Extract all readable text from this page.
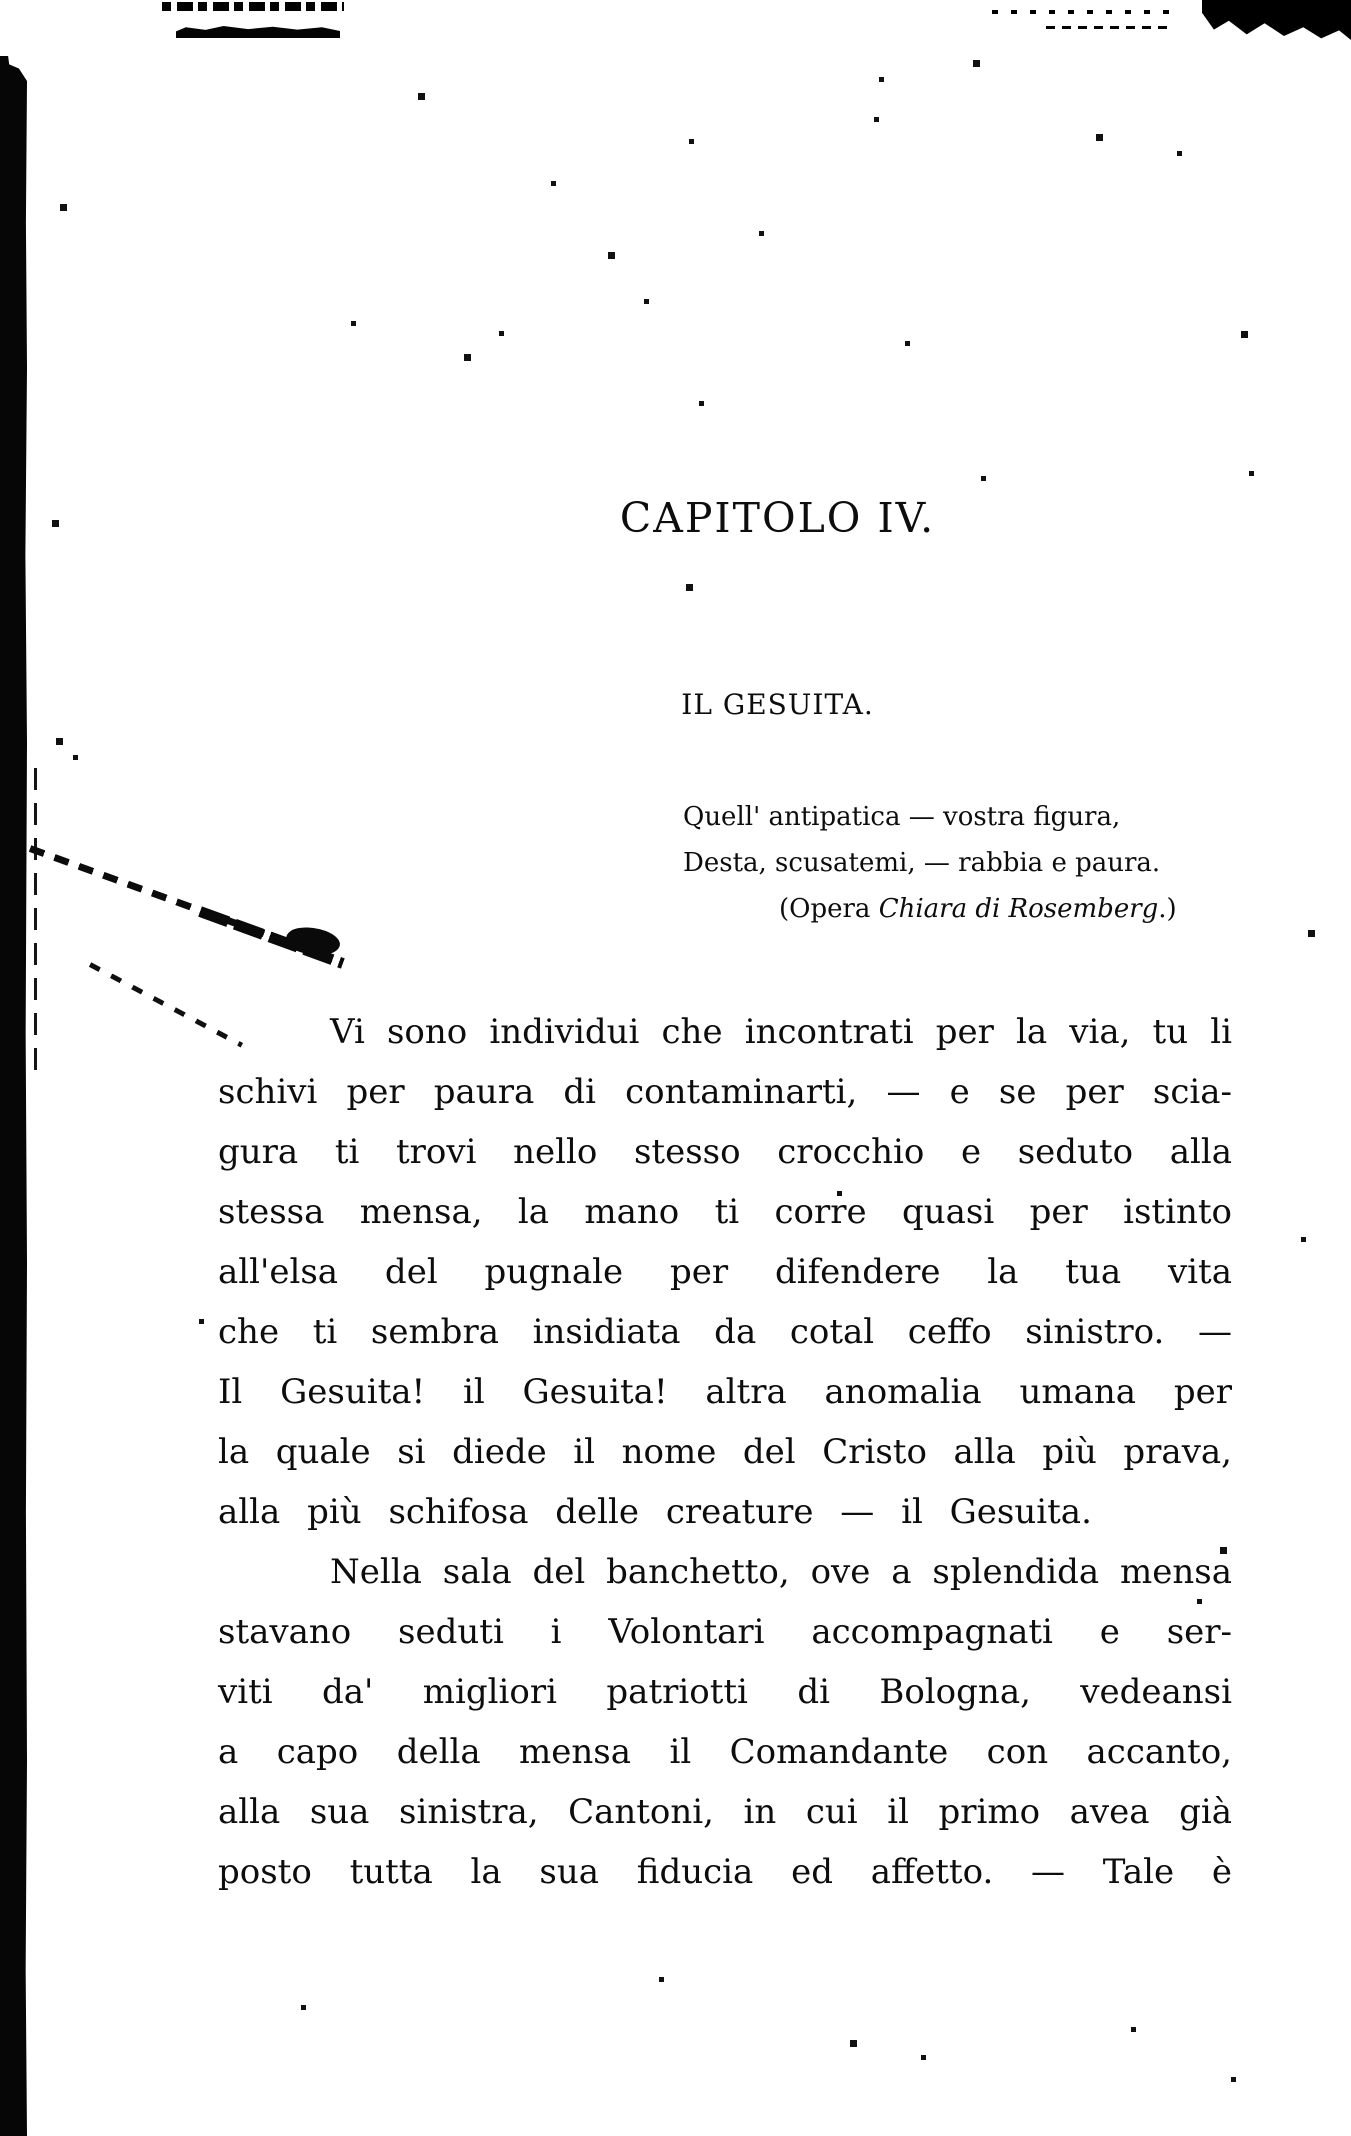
CAPITOLO IV.
IL GESUITA.
Quell' antipatica — vostra figura,
Desta, scusatemi, — rabbia e paura.
(Opera Chiara di Rosemberg.)
Vi sono individui che incontrati per la via, tu li
schivi per paura di contaminarti, — e se per scia-
gura ti trovi nello stesso crocchio e seduto alla
stessa mensa, la mano ti corre quasi per istinto
all'elsa del pugnale per difendere la tua vita
che ti sembra insidiata da cotal ceffo sinistro. —
Il Gesuita! il Gesuita! altra anomalia umana per
la quale si diede il nome del Cristo alla più prava,
alla più schifosa delle creature — il Gesuita.
Nella sala del banchetto, ove a splendida mensa
stavano seduti i Volontari accompagnati e ser-
viti da' migliori patriotti di Bologna, vedeansi
a capo della mensa il Comandante con accanto,
alla sua sinistra, Cantoni, in cui il primo avea già
posto tutta la sua fiducia ed affetto. — Tale è
